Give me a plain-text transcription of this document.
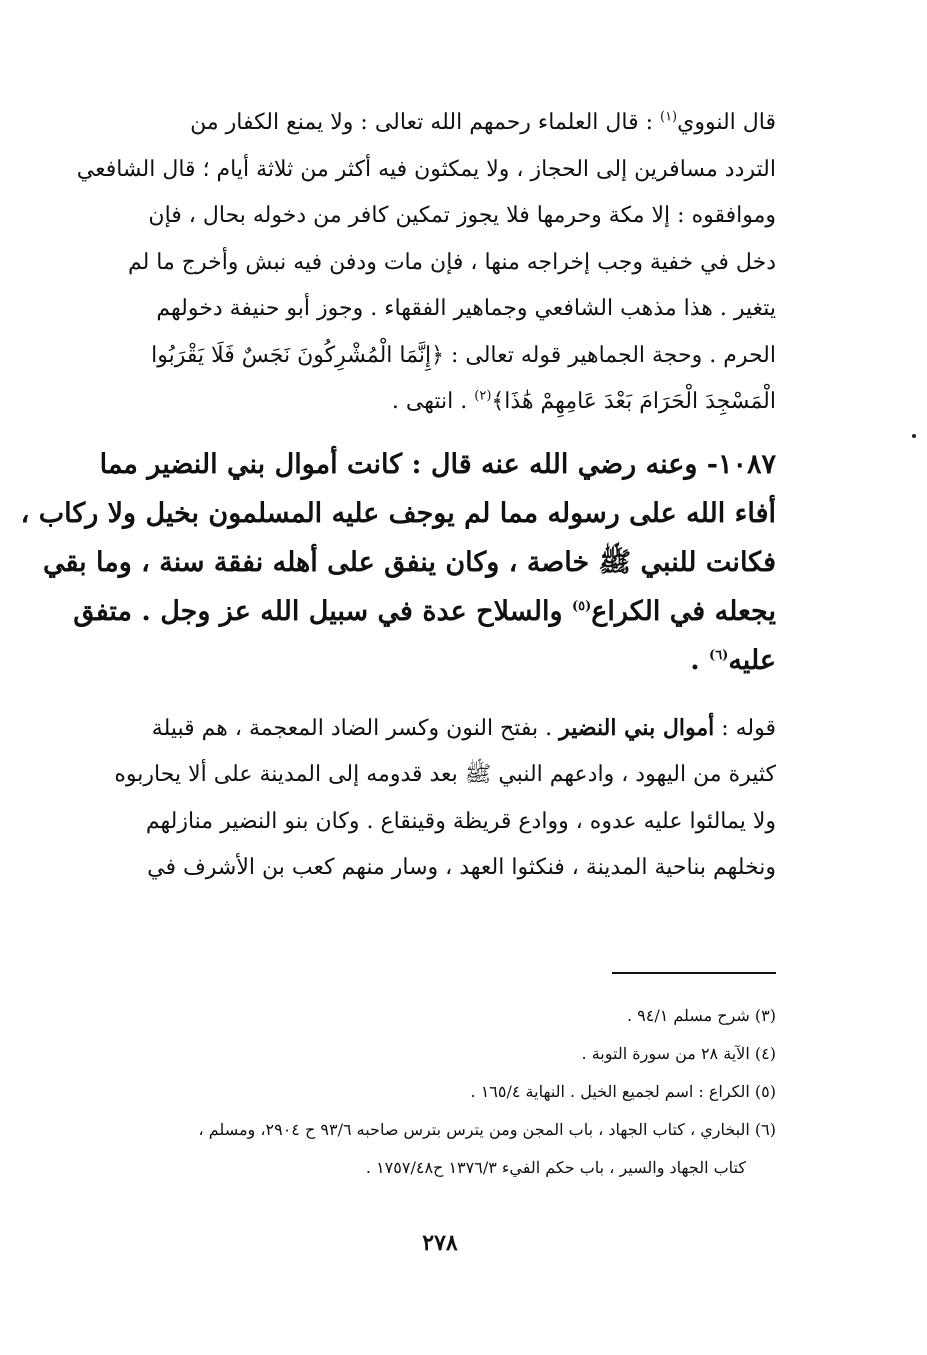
قال النووي$^{(١)}$ : قال العلماء رحمهم الله تعالى : ولا يمنع الكفار من
التردد مسافرين إلى الحجاز ، ولا يمكثون فيه أكثر من ثلاثة أيام ؛ قال الشافعي
وموافقوه : إلا مكة وحرمها فلا يجوز تمكين كافر من دخوله بحال ، فإن
دخل في خفية وجب إخراجه منها ، فإن مات ودفن فيه نبش وأخرج ما لم
يتغير . هذا مذهب الشافعي وجماهير الفقهاء . وجوز أبو حنيفة دخولهم
الحرم . وحجة الجماهير قوله تعالى : ﴿إِنَّمَا الْمُشْرِكُونَ نَجَسٌ فَلَا يَقْرَبُوا
الْمَسْجِدَ الْحَرَامَ بَعْدَ عَامِهِمْ هَٰذَا﴾$^{(٢)}$ . انتهى .

١٠٨٧- وعنه رضي الله عنه قال : كانت أموال بني النضير مما
أفاء الله على رسوله مما لم يوجف عليه المسلمون بخيل ولا ركاب ،
فكانت للنبي ﷺ خاصة ، وكان ينفق على أهله نفقة سنة ، وما بقي
يجعله في الكراع$^{(٥)}$ والسلاح عدة في سبيل الله عز وجل . متفق
عليه$^{(٦)}$ .
قوله : أموال بني النضير . بفتح النون وكسر الضاد المعجمة ، هم قبيلة
كثيرة من اليهود ، وادعهم النبي ﷺ بعد قدومه إلى المدينة على ألا يحاربوه
ولا يمالئوا عليه عدوه ، ووادع قريظة وقينقاع . وكان بنو النضير منازلهم
ونخلهم بناحية المدينة ، فنكثوا العهد ، وسار منهم كعب بن الأشرف في
(٣) شرح مسلم ٩٤/١ .
(٤) الآية ٢٨ من سورة التوبة .
(٥) الكراع : اسم لجميع الخيل . النهاية ١٦٥/٤ .
(٦) البخاري ، كتاب الجهاد ، باب المجن ومن يترس بترس صاحبه ٩٣/٦ ح ٢٩٠٤، ومسلم ،
كتاب الجهاد والسير ، باب حكم الفيء ١٣٧٦/٣ ح١٧٥٧/٤٨ .
٢٧٨
